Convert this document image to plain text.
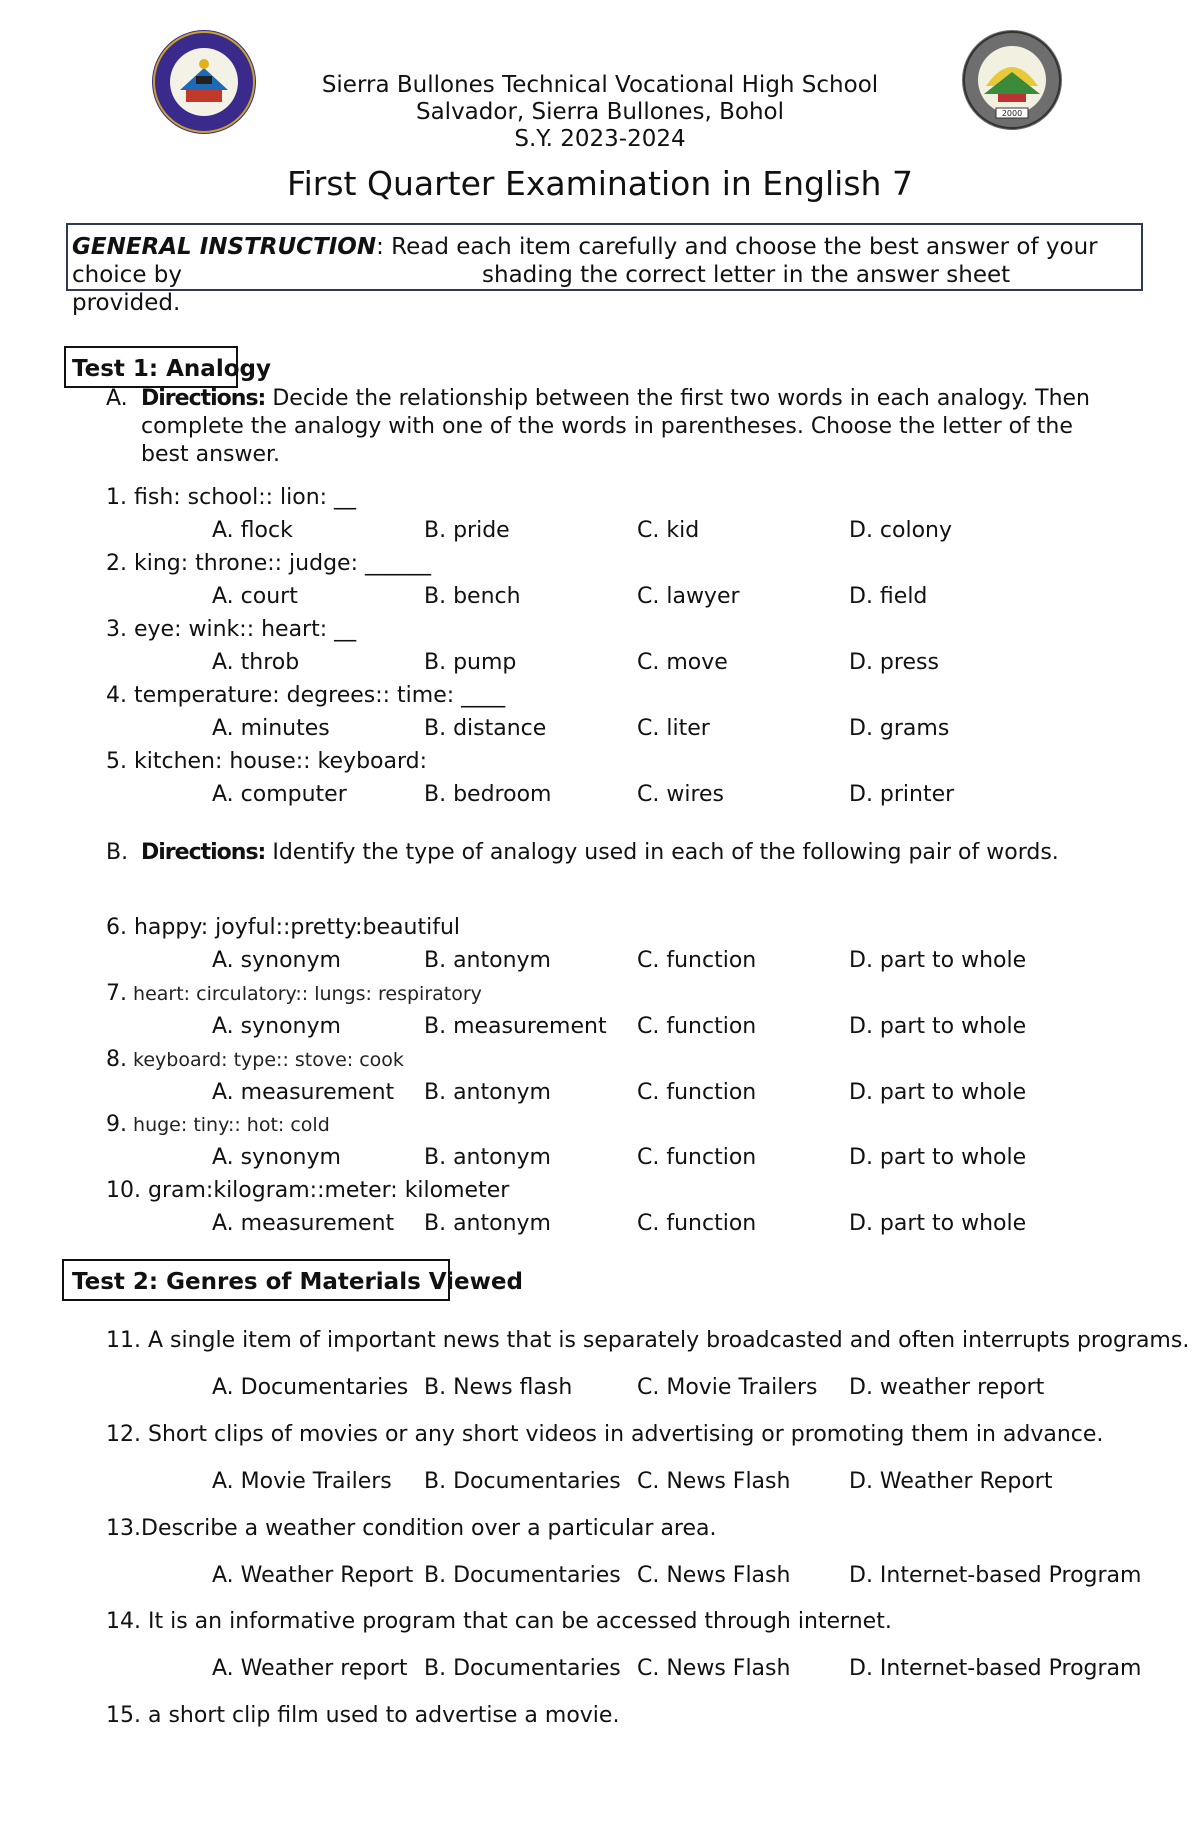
2000
Sierra Bullones Technical Vocational High School
Salvador, Sierra Bullones, Bohol
S.Y. 2023-2024
First Quarter Examination in English 7
GENERAL INSTRUCTION: Read each item carefully and choose the best answer of your
choice by	shading the correct letter in the answer sheet
provided.
Test 1: Analogy
A. Directions: Decide the relationship between the first two words in each analogy. Then complete the analogy with one of the words in parentheses. Choose the letter of the best answer.
B. Directions: Identify the type of analogy used in each of the following pair of words.
1. fish: school:: lion: __
A. flock	B. pride	C. kid	D. colony
2. king: throne:: judge: ______
A. court	B. bench	C. lawyer	D. field
3. eye: wink:: heart: __
A. throb	B. pump	C. move	D. press
4. temperature: degrees:: time: ____
A. minutes	B. distance	C. liter	D. grams
5. kitchen: house:: keyboard:
A. computer	B. bedroom	C. wires	D. printer
6. happy: joyful::pretty:beautiful
A. synonym	B. antonym	C. function	D. part to whole
7. heart: circulatory:: lungs: respiratory
A. synonym	B. measurement C. function	D. part to whole
8. keyboard: type:: stove: cook
A. measurement B. antonym	C. function	D. part to whole
9. huge: tiny:: hot: cold
A. synonym	B. antonym	C. function	D. part to whole
10. gram:kilogram::meter: kilometer
A. measurement B. antonym	C. function	D. part to whole
Test 2: Genres of Materials Viewed
11. A single item of important news that is separately broadcasted and often interrupts programs.
A. Documentaries B. News flash	C. Movie Trailers D. weather report
12. Short clips of movies or any short videos in advertising or promoting them in advance.
A. Movie Trailers B. Documentaries C. News Flash	D. Weather Report
13.Describe a weather condition over a particular area.
A. Weather Report B. Documentaries C. News Flash	D. Internet-based Program
14. It is an informative program that can be accessed through internet.
A. Weather report B. Documentaries C. News Flash	D. Internet-based Program
15. a short clip film used to advertise a movie.
